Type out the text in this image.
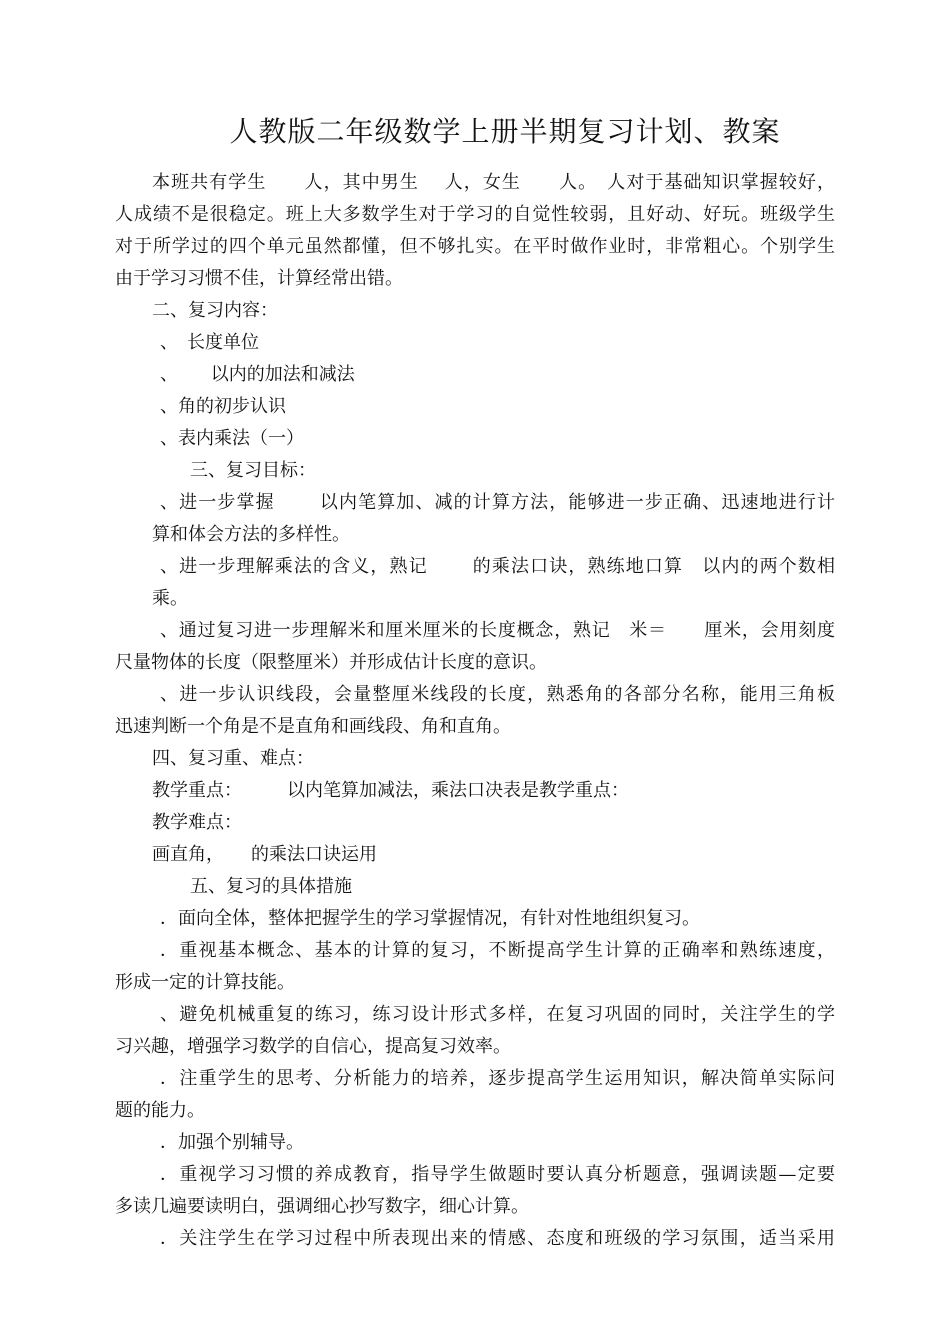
人教版二年级数学上册半期复习计划、教案
本班共有学生　　人，其中男生　 人，女生　　人。　人对于基础知识掌握较好，
人成绩不是很稳定。班上大多数学生对于学习的自觉性较弱，且好动、好玩。班级学生
对于所学过的四个单元虽然都懂，但不够扎实。在平时做作业时，非常粗心。个别学生
由于学习习惯不佳，计算经常出错。
二、复习内容：
、　长度单位
、　　 以内的加法和减法
、角的初步认识
、表内乘法（一）
三、复习目标：
、进一步掌握　　 以内笔算加、减的计算方法，能够进一步正确、迅速地进行计
算和体会方法的多样性。
、进一步理解乘法的含义，熟记　　 的乘法口诀，熟练地口算　以内的两个数相
乘。
、通过复习进一步理解米和厘米厘米的长度概念，熟记　米＝　　厘米，会用刻度
尺量物体的长度（限整厘米）并形成估计长度的意识。
、进一步认识线段，会量整厘米线段的长度，熟悉角的各部分名称，能用三角板
迅速判断一个角是不是直角和画线段、角和直角。
四、复习重、难点：
教学重点：　　　以内笔算加减法，乘法口决表是教学重点：
教学难点：
画直角，　　的乘法口诀运用
五、复习的具体措施
．面向全体，整体把握学生的学习掌握情况，有针对性地组织复习。
．重视基本概念、基本的计算的复习，不断提高学生计算的正确率和熟练速度，
形成一定的计算技能。
、避免机械重复的练习，练习设计形式多样，在复习巩固的同时，关注学生的学
习兴趣，增强学习数学的自信心，提高复习效率。
．注重学生的思考、分析能力的培养，逐步提高学生运用知识，解决简单实际问
题的能力。
．加强个别辅导。
．重视学习习惯的养成教育，指导学生做题时要认真分析题意，强调读题—定要
多读几遍要读明白，强调细心抄写数字，细心计算。
．关注学生在学习过程中所表现出来的情感、态度和班级的学习氛围，适当采用
